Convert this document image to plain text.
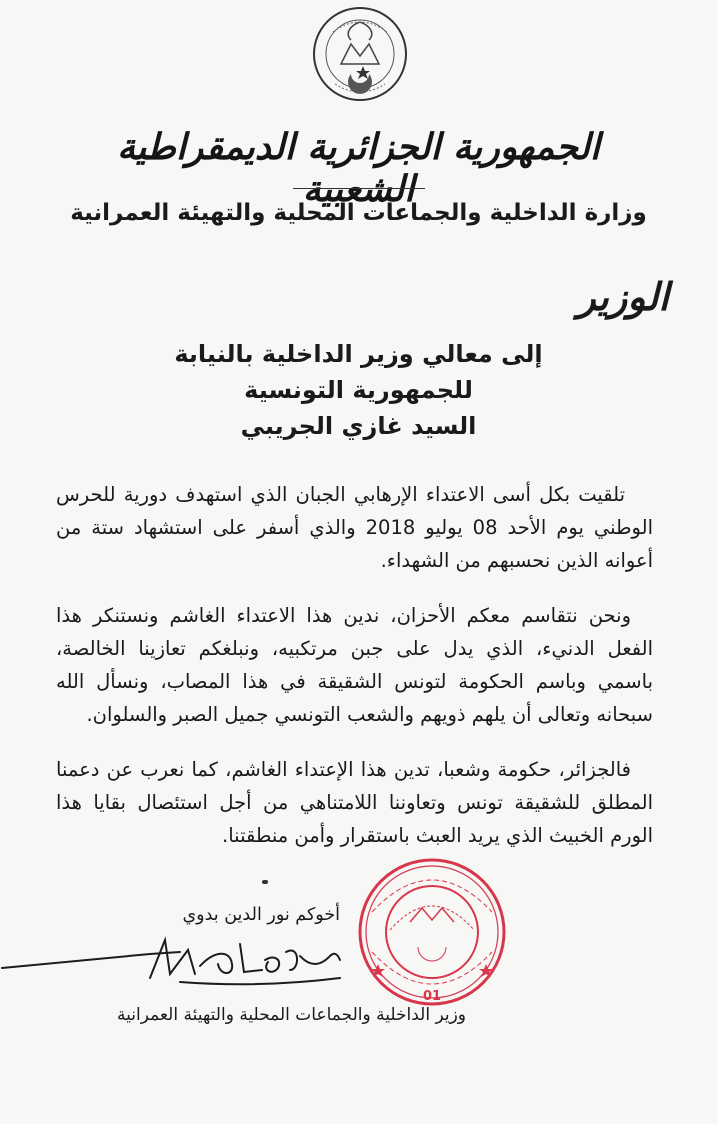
الجمهورية الجزائرية الديمقراطية الشعبية
وزارة الداخلية والجماعات المحلية والتهيئة العمرانية
الوزير
إلى معالي وزير الداخلية بالنيابة
للجمهورية التونسية
السيد غازي الجريبي

تلقيت بكل أسى الاعتداء الإرهابي الجبان الذي استهدف دورية للحرس الوطني يوم الأحد 08 يوليو 2018 والذي أسفر على استشهاد ستة من أعوانه الذين نحسبهم من الشهداء.

ونحن نتقاسم معكم الأحزان، ندين هذا الاعتداء الغاشم ونستنكر هذا الفعل الدنيء، الذي يدل على جبن مرتكبيه، ونبلغكم تعازينا الخالصة، باسمي وباسم الحكومة لتونس الشقيقة في هذا المصاب، ونسأل الله سبحانه وتعالى أن يلهم ذويهم والشعب التونسي جميل الصبر والسلوان.

فالجزائر، حكومة وشعبا، تدين هذا الإعتداء الغاشم، كما نعرب عن دعمنا المطلق للشقيقة تونس وتعاوننا اللامتناهي من أجل استئصال بقايا هذا الورم الخبيث الذي يريد العبث باستقرار وأمن منطقتنا.

01
أخوكم نور الدين بدوي
وزير الداخلية والجماعات المحلية والتهيئة العمرانية
